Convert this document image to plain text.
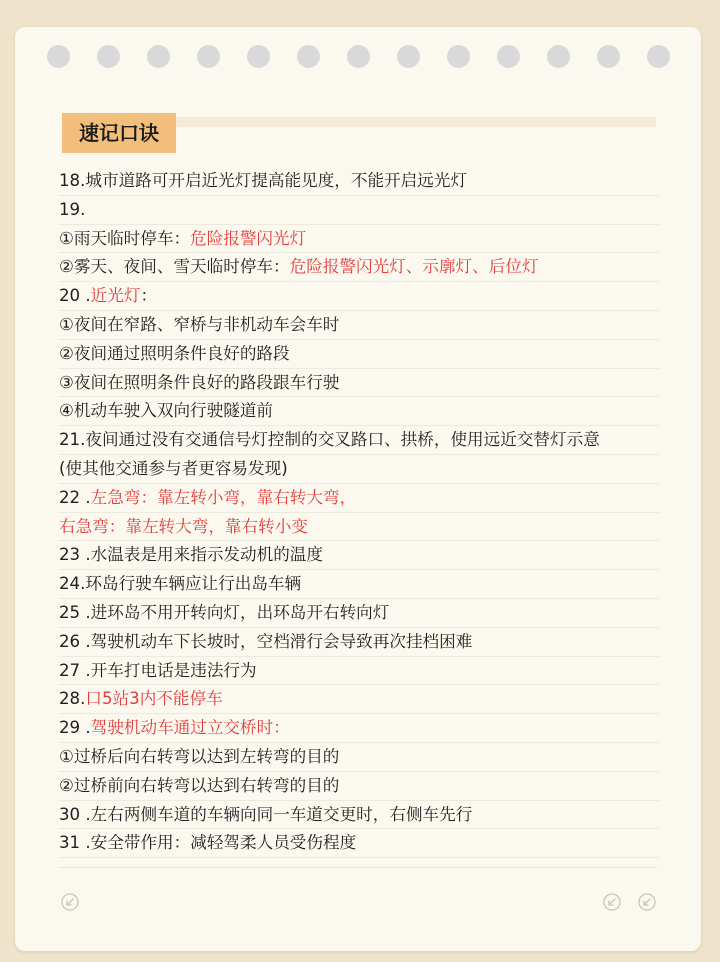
速记口诀
18.城市道路可开启近光灯提高能见度，不能开启远光灯
19.
①雨天临时停车：危险报警闪光灯
②雾天、夜间、雪天临时停车：危险报警闪光灯、示廓灯、后位灯
20 .近光灯：
①夜间在窄路、窄桥与非机动车会车时
②夜间通过照明条件良好的路段
③夜间在照明条件良好的路段跟车行驶
④机动车驶入双向行驶隧道前
21.夜间通过没有交通信号灯控制的交叉路口、拱桥，使用远近交替灯示意
(使其他交通参与者更容易发现)
22 .左急弯：靠左转小弯，靠右转大弯，
右急弯：靠左转大弯，靠右转小变
23 .水温表是用来指示发动机的温度
24.环岛行驶车辆应让行出岛车辆
25 .进环岛不用开转向灯，出环岛开右转向灯
26 .驾驶机动车下长坡时，空档滑行会导致再次挂档困难
27 .开车打电话是违法行为
28.口5站3内不能停车
29 .驾驶机动车通过立交桥时：
①过桥后向右转弯以达到左转弯的目的
②过桥前向右转弯以达到右转弯的目的
30 .左右两侧车道的车辆向同一车道交更时，右侧车先行
31 .安全带作用：减轻驾柔人员受伤程度
